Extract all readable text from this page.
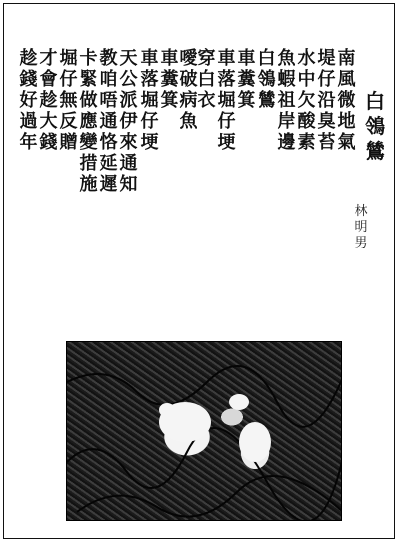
白
鴒
鷥
林
明
男
南
風
微
地
氣
堤
仔
沿
臭
苔
水
中
欠
酸
素
魚
蝦
祖
岸
邊
白
鴒
鷥
車
糞
箕
車
落
堀
仔
埂
穿
白
衣
噯
破
病
魚
車
落
堀
仔
埂
車
糞
箕
天
公
派
伊
來
通
知
教
咱
唔
通
恪
延
遲
卡
緊
做
應
變
措
施
堀
仔
無
反
贈
才
會
趁
大
錢
趁
錢
好
過
年
